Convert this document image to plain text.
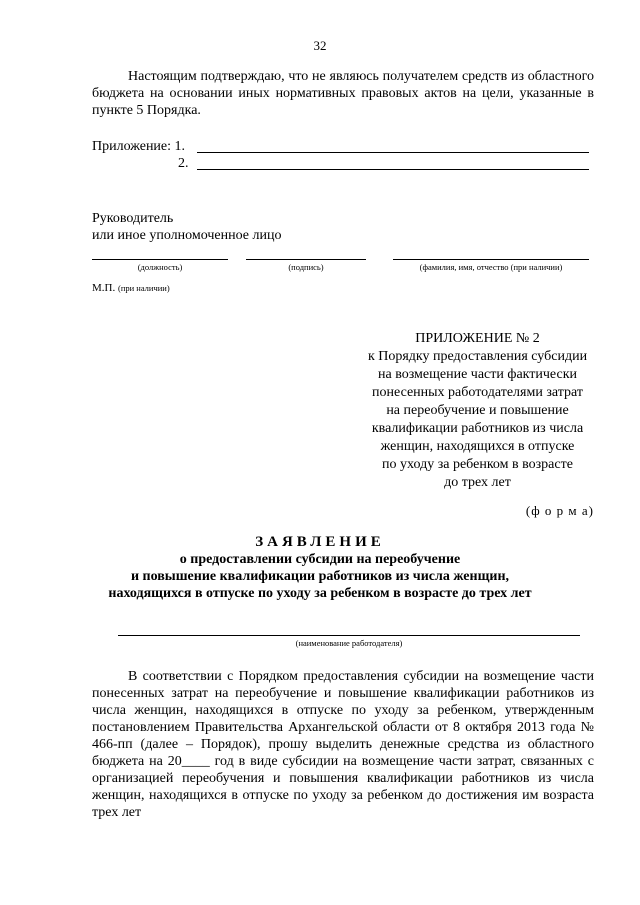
32
Настоящим подтверждаю, что не являюсь получателем средств из областного бюджета на основании иных нормативных правовых актов на цели, указанные в пункте 5 Порядка.
Приложение: 1.
2.
Руководитель
или иное уполномоченное лицо
(должность)	(подпись)	(фамилия, имя, отчество (при наличии)
М.П. (при наличии)
ПРИЛОЖЕНИЕ № 2
к Порядку предоставления субсидии
на возмещение части фактически
понесенных работодателями затрат
на переобучение и повышение
квалификации работников из числа
женщин, находящихся в отпуске
по уходу за ребенком в возрасте
до трех лет
(ф о р м а)
ЗАЯВЛЕНИЕ
о предоставлении субсидии на переобучение
и повышение квалификации работников из числа женщин,
находящихся в отпуске по уходу за ребенком в возрасте до трех лет
(наименование работодателя)
В соответствии с Порядком предоставления субсидии на возмещение части понесенных затрат на переобучение и повышение квалификации работников из числа женщин, находящихся в отпуске по уходу за ребенком, утвержденным постановлением Правительства Архангельской области от 8 октября 2013 года № 466-пп (далее – Порядок), прошу выделить денежные средства из областного бюджета на 20____ год в виде субсидии на возмещение части затрат, связанных с организацией переобучения и повышения квалификации работников из числа женщин, находящихся в отпуске по уходу за ребенком до достижения им возраста трех лет
